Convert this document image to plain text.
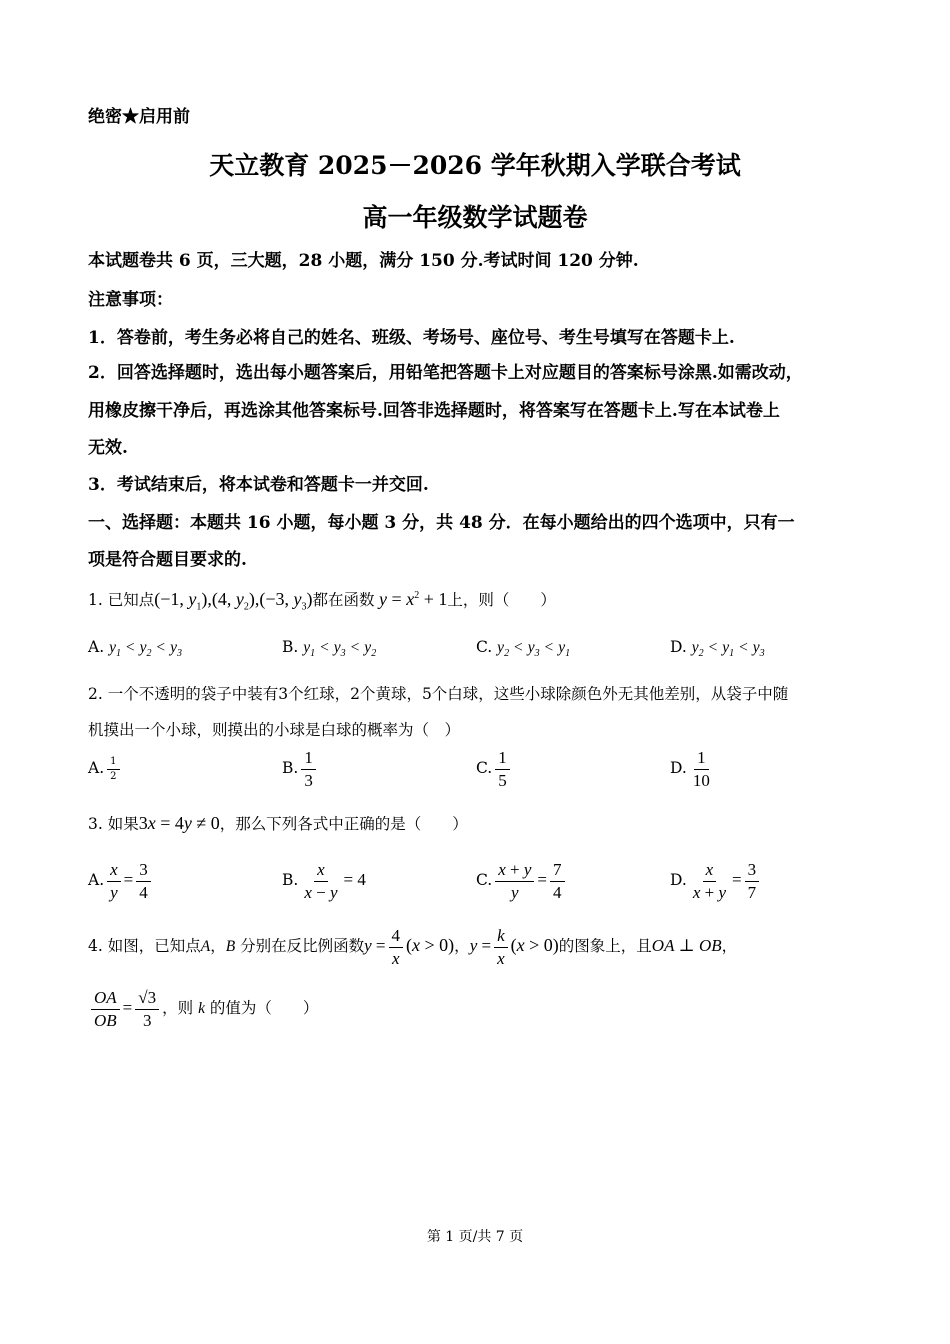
绝密★启用前
天立教育 2025－2026 学年秋期入学联合考试
高一年级数学试题卷
本试题卷共 6 页，三大题，28 小题，满分 150 分.考试时间 120 分钟.
注意事项：
1．答卷前，考生务必将自己的姓名、班级、考场号、座位号、考生号填写在答题卡上.
2．回答选择题时，选出每小题答案后，用铅笔把答题卡上对应题目的答案标号涂黑.如需改动，
用橡皮擦干净后，再选涂其他答案标号.回答非选择题时，将答案写在答题卡上.写在本试卷上
无效.
3．考试结束后，将本试卷和答题卡一并交回.
一、选择题：本题共 16 小题，每小题 3 分，共 48 分．在每小题给出的四个选项中，只有一
项是符合题目要求的.
1. 已知点(−1, $y_1),(4$, $y_2),(-3$, $y_3$)都在函数 $y = x^2 + 1$上，则（　　）
A. $y_1 < y_2 < y_3$	B. $y_1 < y_3 < y_2$	C. $y_2 < y_3 < y_1$	D. $y_2 < y_1 < y_3$
2. 一个不透明的袋子中装有3个红球，2个黄球，5个白球，这些小球除颜色外无其他差别，从袋子中随
机摸出一个小球，则摸出的小球是白球的概率为（　）
A. $\frac{1}{2}$	B. $\frac{1}{3}$	C. $\frac{1}{5}$	D. $\frac{1}{10}$
3. 如果3x = 4y ≠ 0，那么下列各式中正确的是（　　）
A. $\frac{x}{y} = \frac{3}{4}$	B. $\frac{x}{x - y} = 4$	C. $\frac{x + y}{y} = \frac{7}{4}$	D. $\frac{x}{x + y} = \frac{3}{7}$
4. 如图，已知点A，B 分别在反比例函数$y = \frac{4}{x} (x > 0)$，$y = \frac{k}{x} (x > 0)$的图象上，且OA ⊥ OB，
$\frac{OA}{OB} = \frac{√3}{3}$ ，则 k 的值为（　　）
第 1 页/共 7 页
